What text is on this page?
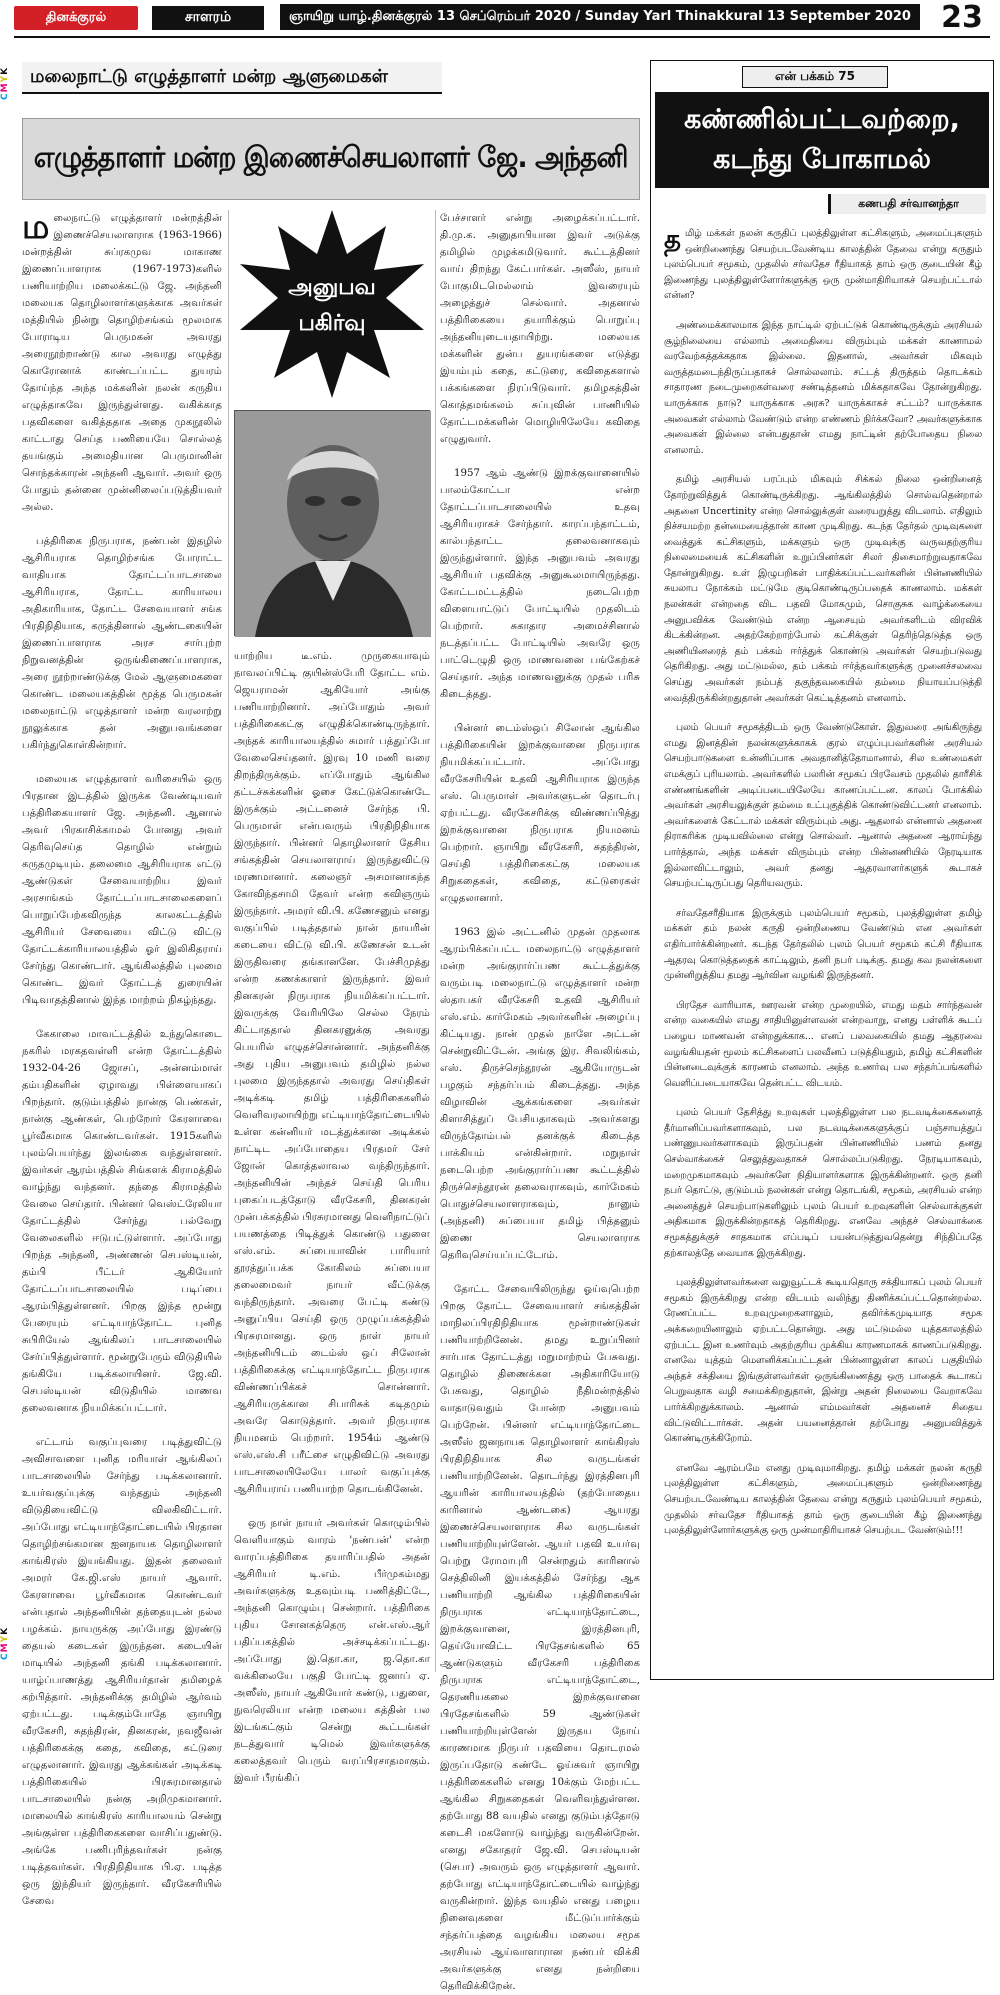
CMYK
CMYK
தினக்குரல்	சாளரம்	ஞாயிறு யாழ்.தினக்குரல் 13 செப்ரெம்பர் 2020 / Sunday Yarl Thinakkural 13 September 2020	23
மலைநாட்டு எழுத்தாளர் மன்ற ஆளுமைகள்
எழுத்தாளர் மன்ற இணைச்செயலாளர் ஜே. அந்தனி

மலைநாட்டு எழுத்தாளர் மன்றத்தின் இணைச்செயலாளராக (1963-1966) மன்றத்தின் சுப்ரகமுவ மாகாண இணைப்பாளராக (1967-1973)களில் பணியாற்றிய மலைக்கட்டு ஜே. அந்தனி மலையக தொழிலாளர்களுக்காக அவர்கள் மத்தியில் நின்று தொழிற்சங்கம் மூலமாக போராடிய பெருமகன் அவரது அரைநூற்றாண்டு கால அவரது எழுத்து கொரோனாக் காண்டப்பட்ட துயரம் தோய்ந்த அந்த மக்களின் நலன் கருதிய எழுத்தாகவே இருந்துள்ளது. வகிக்காத பதவிகளை வகித்ததாக அதை முகநூலில் காட்டாது செய்த பணியையே சொல்லத் தயங்கும் அமைதியான பெருமானின் சொந்தக்காரன் அந்தனி ஆவார். அவர் ஒரு போதும் தன்னை முன்னிலைப்படுத்தியவர் அல்ல.

பத்திரிகை நிருபராக, நண்பன் இதழில் ஆசிரியராக தொழிற்சங்க போராட்ட வாதியாக தோட்டப்பாடசாலை ஆசிரியராக, தோட்ட காரியாலய அதிகாரியாக, தோட்ட சேவையாளர் சங்க பிரதிநிதியாக, கருத்தினால் ஆண்டகையின் இணைப்பாளராக அரச சார்புற்ற நிறுவனத்தின் ஒருங்கிணைப்பாளராக, அரை நூற்றாண்டுக்கு மேல் ஆளுமைகளை கொண்ட மலையகத்தின் மூத்த பெருமகன் மலைநாட்டு எழுத்தாளர் மன்ற வரலாற்று நூலுக்காக தன் அனுபவங்களை பகிர்ந்துகொள்கின்றார்.

மலையக எழுத்தாளர் வரிசையில் ஒரு பிரதான இடத்தில் இருக்க வேண்டியவர் பத்திரிகையாளர் ஜே. அந்தனி. ஆனால் அவர் பிரகாசிக்காமல் போனது அவர் தெரிவுசெய்த தொழில் என்றும் கருதமுடியும். தலைமை ஆசிரியராக எட்டு ஆண்டுகள் சேவையாற்றிய இவர் அரசாங்கம் தோட்டப்பாடசாலைகளைப் பொறுப்பேற்கவிருந்த காலகட்டத்தில் ஆசிரியர் சேவையை விட்டு விட்டு தோட்டக்காரியாலயத்தில் ஓர் இலிகிதராய் சேர்ந்து கொண்டார். ஆங்கிலத்தில் புலமை கொண்ட இவர் தோட்டத் துரையின் பிடிவாதத்தினால் இந்த மாற்றம் நிகழ்ந்தது.

கேகாலை மாவட்டத்தில் உந்துகொடை நகரில் மரகதவள்ளி என்ற தோட்டத்தில் 1932-04-26 ஜோசப், அன்னம்மாள் தம்பதிகளின் ஏழாவது பிள்ளையாகப் பிறந்தார். குடும்பத்தில் நான்கு பெண்கள், நான்கு ஆண்கள், பெற்றோர் கேரளாவை பூர்வீகமாக கொண்டவர்கள். 1915களில் புலம்பெயர்ந்து இலங்கை வந்துள்ளனர். இவர்கள் ஆரம்பத்தில் சிங்களக் கிராமத்தில் வாழ்ந்து வந்தனர். தந்தை கிராமத்தில் வேலை செய்தார். பின்னர் வெஸ்ட்ரேலியா தோட்டத்தில் சேர்ந்து பல்வேறு வேலைகளில் ஈடுபட்டுள்ளார். அப்போது பிறந்த அந்தனி, அண்ணன் செபஸ்டியன், தம்பி பீட்டர் ஆகியோர் தோட்டப்பாடசாலையில் படிப்பை ஆரம்பித்துள்ளனர். பிறகு இந்த மூன்று பேரையும் எட்டியாந்தோட்ட புனித சுபிரியேல் ஆங்கிலப் பாடசாலையில் சேர்ப்பித்துள்ளார். மூன்றுபேரும் விடுதியில் தங்கியே படிக்கலாயினர். ஜே.வி. செபஸ்டியன் விடுதியில் மாணவ தலைவனாக நியமிக்கப்பட்டார்.

எட்டாம் வகுப்புவரை படித்துவிட்டு அவிசாவளை புனித மரியாள் ஆங்கிலப் பாடசாலையில் சேர்ந்து படிக்கலானார். உயர்வகுப்புக்கு வந்ததும் அந்தனி விடுதியைவிட்டு விலகிவிட்டார். அப்போது எட்டியாந்தோட்டையில் பிரதான தொழிற்சங்கமான ஐனநாயக தொழிலாளர் காங்கிரஸ் இயங்கியது. இதன் தலைவர் அமரர் கே.ஜி.எஸ் நாயர் ஆவார். கேரளாவை பூர்வீகமாக கொண்டவர் என்பதால் அந்தனியின் தந்தையுடன் நல்ல பழக்கம். நாயருக்கு அப்போது இரண்டு தையல் கடைகள் இருந்தன. கடையின் மாடியில் அந்தனி தங்கி படிக்கலானார். யாழ்ப்பாணத்து ஆசிரியர்தான் தமிழைக் கற்பித்தார். அந்தனிக்கு தமிழில் ஆர்வம் ஏற்பட்டது. படிக்கும்போதே ஞாயிறு வீரகேசரி, சுதந்திரன், தினகரன், நவஜீவன் பத்திரிகைக்கு கதை, கவிதை, கட்டுரை எழுதலானார். இவரது ஆக்கங்கள் அடிக்கடி பத்திரிகையில் பிரசுரமானதால் பாடசாலையில் நன்கு அறிமுகமானார். மாலையில் காங்கிரஸ் காரியாலயம் சென்று அங்குள்ள பத்திரிகைகளை வாசிப்பதுண்டு. அங்கே பணிபுரிந்தவர்கள் நன்கு படித்தவர்கள். பிரதிநிதியாக பி.ஏ. படித்த ஒரு இந்தியர் இருந்தார். வீரகேசரியில் சேவை

அனுபவ
பகிர்வு

யாற்றிய டீ.எம். முருகையாவும் நாவலப்பிட்டி குயின்ஸ்பேரி தோட்ட எம். ஜெயராமன் ஆகியோர் அங்கு பணியாற்றினார். அப்போதும் அவர் பத்திரிகைகட்கு எழுதிக்கொண்டிருந்தார். அந்தக் காரியாலயத்தில் சுமார் பத்துப்போ வேலைசெய்தனர். இரவு 10 மணி வரை திறந்திருக்கும். எப்போதும் ஆங்கில தட்டச்சுக்களின் ஓசை கேட்டுக்கொண்டே இருக்கும் அட்டனைச் சேர்ந்த பி. பெருமாள் என்பவரும் பிரதிநிதியாக இருந்தார். பின்னர் தொழிலாளர் தேசிய சங்கத்தின் செயலாளராய் இருந்துவிட்டு மரணமானார். கலைஞர் அசமானாகந்த கோவிந்தசாமி தேவர் என்ற கவிஞரும் இருந்தார். அமரர் வி.பி. கணேசனும் எனது வகுப்பில் படித்ததால் நான் நாயரின் கடையை விட்டு வி.பி. கணேசன் உடன் இருதிவரை தங்கானனே. பேச்சிமுத்து என்ற கணக்காளர் இருந்தார். இவர் தினகரன் நிருபராக நியமிக்கப்பட்டார். இவருக்கு வேரியிலே செல்ல நேரம் கிட்டாததால் தினகரனுக்கு அவரது பெயரில் எழுதச்சொன்னார். அந்தனிக்கு அது புதிய அனுபவம் தமிழில் நல்ல புலமை இருந்ததால் அவரது செய்திகள் அடிக்கடி தமிழ் பத்திரிகைகளில் வெளிவரலாயிற்று எட்டியாந்தோட்டையில் உள்ள கன்னியர் மடத்துக்கான அடிக்கல் நாட்டிட அப்போதைய பிரதமர் சேர் ஜோன் கொத்தலாவல வந்திருந்தார். அந்தனியின் அந்தச் செய்தி பெரிய புகைப்படத்தோடு வீரகேசரி, தினகரன் முன்பக்கத்தில் பிரசுரமானது வெளிநாட்டுப் பயணத்தை பிடித்துக் கொண்டு பதுளை எஸ்.எம். சுப்பையாவின் பாரியார் தூரத்துப்பக்க கோகிலம் சுப்பையா தலைமைவர் நாயர் வீட்டுக்கு வந்திருந்தார். அவரை பேட்டி கண்டு அனுப்பிய செய்தி ஒரு முழுப்பக்கத்தில் பிரசுரமானது. ஒரு நாள் நாயர் அந்தனியிடம் டைம்ஸ் ஒப் சிலோன் பத்திரிகைக்கு எட்டியாந்தோட்ட நிருபராக விண்ணப்பிக்கச் சொன்னார். ஆசிரியருக்கான சிபாரிசுக் கடிதமும் அவரே கொடுத்தார். அவர் நிருபராக நியமனம் பெற்றார். 1954ம் ஆண்டு எஸ்.எஸ்.சி பரீட்சை எழுதிவிட்டு அவரது பாடசாலையிலேயே பாலர் வகுப்புக்கு ஆசிரியராய் பணியாற்ற தொடங்கினேன்.

ஒரு நாள் நாயர் அவர்கள் கொழும்பில் வெளியாகும் வாரம் 'நண்பன்' என்ற வாரப்பத்திரிகை தயாரிப்பதில் அதன் ஆசிரியர் டி.எம். பீர்முகம்மது அவர்களுக்கு உதவும்படி பணித்திட்டே, அந்தனி கொழும்பு சென்றார். பத்திரிகை புதிய சோனகத்தெரு என்.எஸ்.ஆர் பதிப்பகத்தில் அச்சடிக்கப்பட்டது. அப்போது இ.தொ.கா, ஜ.தொ.கா வக்கிலையே பகுதி போட்டி ஜனாப் ஏ. அஸீஸ், நாயர் ஆகியோர் கண்டு, பதுளை, நுவரெலியா என்ற மலைய கத்தின் பல இடங்கட்கும் சென்று கூட்டங்கள் நடத்துவார் டிமெல் இவர்களுக்கு கலைத்தவர் பெரும் வரப்பிரசாதமாகும். இவர் பீரங்கிப்

பேச்சாளர் என்று அழைக்கப்பட்டார். தி.மு.க. அனுதாபியான இவர் அடுக்கு தமிழில் முழக்கமிடுவார். கூட்டத்தினர் வாய் திறந்து கேட்பார்கள். அஸீஸ், நாயர் போகுமிடமெல்லாம் இவரையும் அழைத்துச் செல்வார். அதனால் பத்திரிகையை தயாரிக்கும் பொறுப்பு அந்தனியுடையதாயிற்று. மலையக மக்களின் துன்ப துயரங்களை எடுத்து இயம்பும் கதை, கட்டுரை, கவிதைகளால் பக்கங்களை நிரப்பிடுவார். தமிழகத்தின் கொத்தமங்கலம் சுப்புவின் பாணியில் தோட்டமக்களின் மொழியிலேயே கவிதை எழுதுவார்.

1957 ஆம் ஆண்டு இறக்குவானையில் பாலம்கோட்டா என்ற தோட்டப்பாடசாலையில் உதவு ஆசிரியராகச் சேர்ந்தார். காரப்பந்தாட்டம், கால்பந்தாட்ட தலைவனாகவும் இருந்துள்ளார். இந்த அனுபவம் அவரது ஆசிரியர் பதவிக்கு அனுகூலமாயிருந்தது. கோட்டமட்டத்தில் நடைபெற்ற விளையாட்டுப் போட்டியில் முதலிடம் பெற்றார். சுகாதார அமைச்சினால் நடத்தப்பட்ட போட்டியில் அவரே ஒரு பாட்டெழுதி ஒரு மாணவனை பங்கேற்கச் செய்தார். அந்த மாணவனுக்கு முதல் பரிசு கிடைத்தது.

பின்னர் டைம்ஸ்ஒப் சிலோன் ஆங்கில பத்திரிகையின் இறக்குவானை நிருபராக நியமிக்கப்பட்டார். அப்போது வீரகேசரியின் உதவி ஆசிரியராக இருந்த எஸ். பெருமாள் அவர்களுடன் தொடர்பு ஏற்பட்டது. வீரகேசரிக்கு விண்ணப்பித்து இறக்குவானை நிருபராக நியமனம் பெற்றார். ஞாயிறு வீரகேசரி, சுதந்திரன், செய்தி பத்திரிகைகட்கு மலையக சிறுகதைகள், கவிதை, கட்டுரைகள் எழுதலானார்.

1963 இல் அட்டனில் முதன் முதலாக ஆரம்பிக்கப்பட்ட மலைநாட்டு எழுத்தாளர் மன்ற அங்குரார்ப்பண கூட்டத்துக்கு வரும்படி மலைநாட்டு எழுத்தாளர் மன்ற ஸ்தாபகர் வீரகேசரி உதவி ஆசிரியர் எஸ்.எம். கார்மேகம் அவர்களின் அழைப்பு கிட்டியது. நான் முதல் நாளே அட்டன் சென்றுவிட்டேன். அங்கு இர. சிவலிங்கம், எஸ். திருச்செந்தூரன் ஆகியோருடன் பழகும் சந்தர்ப்பம் கிடைத்தது. அந்த விழாவின் ஆக்கங்களை அவர்கள் கிளாசித்துப் பேசியதாகவும் அவர்களது விருந்தோம்பல் தனக்குக் கிடைத்த பாக்கியம் என்கின்றார். மறுநாள் நடைபெற்ற அங்குரார்ப்பண கூட்டத்தில் திருச்செந்தூரன் தலைவராகவும், கார்மேகம் பொதுச்செயலாளராகவும், நானும் (அந்தனி) சுப்பையா தமிழ் பித்தனும் இணை செயலாளராக தெரிவுசெய்யப்பட்டோம்.

தோட்ட சேவையிலிருந்து ஓய்வுபெற்ற பிறகு தோட்ட சேவையாளர் சங்கத்தின் மாநிலப்பிரதிநிதியாக மூன்றாண்டுகள் பணியாற்றினேன். தமது உறுப்பினர் சார்பாக தோட்டத்து மறுமாற்றம் பேசுவது. தொழில் திணைக்கள அதிகாரியோடு பேசுவது, தொழில் நீதிமன்றத்தில் வாதாடுவதும் போன்ற அனுபவம் பெற்றேன். பின்னர் எட்டியாந்தோட்டை அஸீஸ் ஜனநாயக தொழிலாளர் காங்கிரஸ் பிரதிநிதியாக சில வருடங்கள் பணியாற்றினேன். தொடர்ந்து இரத்தினபுரி ஆயரின் காரியாலயத்தில் (தற்போதைய காரினால் ஆண்டகை) ஆயரது இணைச்செயலாளராக சில வருடங்கள் பணியாற்றியுள்ளேன். ஆயர் பதவி உயர்வு பெற்று ரோமாபுரி சென்றதும் காரினால் செத்திலினி இயக்கத்தில் சேர்ந்து ஆக பணியாற்றி ஆங்கில பத்திரிகையின் நிருபராக எட்டியாந்தோட்டை, இறக்குவானை, இரத்தினபுரி, தெய்யோவிட்ட பிரதேசங்களில் 65 ஆண்டுகளும் வீரகேசரி பத்திரிகை நிருபராக எட்டியாந்தோட்டை, தெரணியகலை இறக்குவானை பிரதேசங்களில் 59 ஆண்டுகள் பணியாற்றியுள்ளேன் இருதய நோய் காரணமாக நிருபர் பதவியை தொடரமல் இருப்பதோடு கண்டே ஓய்சுவர் ஞாயிறு பத்திரிகைகளில் எனது 10க்கும் மேற்பட்ட ஆங்கில சிறுகதைகள் வெளிவந்துள்ளன. தற்போது 88 வயதில் எனது குடும்பத்தோடு கடைசி மகளோடு வாழ்ந்து வருகின்றேன். எனது சகோதரர் ஜே.வி. செபஸ்டியன் (செபா) அவரும் ஒரு எழுத்தாளர் ஆவார். தற்போது எட்டியாந்தோட்டையில் வாழ்ந்து வருகின்றார். இந்த வயதில் எனது பழைய நினைவுகளை மீட்டுப்பார்க்கும் சந்தர்ப்பத்தை வழங்கிய மலைய சமூக அரசியல் ஆய்வாளாரான நண்பர் விக்கி அவர்களுக்கு எனது நன்றியை தெரிவிக்கிறேன்.

என் பக்கம் 75
கண்ணில்பட்டவற்றை,
கடந்து போகாமல்
கணபதி சர்வானந்தா

தமிழ் மக்கள் நலன் கருதிப் புலத்திலுள்ள கட்சிகளும், அமைப்புகளும் ஒன்றிணைந்து செயற்படவேண்டிய காலத்தின் தேவை என்று கருதும் புலம்பெயர் சமூகம், முதலில் சர்வதேச ரீதியாகத் தாம் ஒரு குடையின் கீழ் இணைந்து புலத்திலுள்ளோர்களுக்கு ஒரு முன்மாதிரியாகச் செயற்பட்டால் என்ன?

அண்மைக்காலமாக இந்த நாட்டில் ஏற்பட்டுக் கொண்டிருக்கும் அரசியல் சூழ்நிலையை எல்லாம் அமைதியை விரும்பும் மக்கள் காணாமல் வரவேற்கத்தக்கதாக இல்லை. இதனால், அவர்கள் மிகவும் வருத்தமடைந்திருப்பதாகச் சொல்லலாம். சட்டத் திருத்தம் தொடக்கம் சாதாரண நடைமுறைகள்வரை சண்டித்தனம் மிக்கதாகவே தோன்றுகிறது. யாருக்காக நாடு? யாருக்காக அரசு? யாருக்காகச் சட்டம்? யாருக்காக அவைகள் எல்லாம் வேண்டும் என்ற எண்ணம் நிர்க்கவோ? அவர்களுக்காக அவைகள் இல்லை என்பதுதான் எமது நாட்டின் தற்போதைய நிலை எனலாம்.

தமிழ் அரசியல் பரப்பும் மிகவும் சிக்கல் நிலை ஒன்றினைத் தோற்றுவித்துக் கொண்டிருக்கிறது. ஆங்கிலத்தில் சொல்வதென்றால் அதனை Uncertinity என்ற சொல்லுக்குள் வரையறுத்து விடலாம். எதிலும் நிச்சயமற்ற தன்மையைத்தான் காண முடிகிறது. கடந்த தேர்தல் முடிவுகளை வைத்துக் கட்சிகளும், மக்களும் ஒரு முடிவுக்கு வருவதற்குரிய நிலைமையைக் கட்சிகளின் உறுப்பினர்கள் சிலர் திசைமாற்றுவதாகவே தோன்றுகிறது. உள் இழுபறிகள் பாதிக்கப்பட்டவர்களின் பின்னணியில் சுயலாப நோக்கம் மட்டுமே குடிகொண்டிருப்பதைக் காணலாம். மக்கள் நலன்கள் என்றதை விட பதவி மோகமும், சொகுசுக வாழ்க்கையை அனுபவிக்க வேண்டும் என்ற ஆசையும் அவர்களிடம் விரவிக் கிடக்கின்றன. அதற்கேற்றாற்போல் கட்சிக்குள் தெரிந்தெடுத்த ஒரு அணியினரைத் தம் பக்கம் ஈர்த்துக் கொண்டு அவர்கள் செயற்படுவது தெரிகிறது. அது மட்டுமல்ல, தம் பக்கம் ஈர்த்தவர்களுக்கு முனைச்சலவை செய்து அவர்கள் நம்பத் தகுந்தவகையில் தம்மை நியாயப்படுத்தி வைத்திருக்கின்றதுதான் அவர்கள் கெட்டித்தனம் எனலாம்.

புலம் பெயர் சமூகத்திடம் ஒரு வேண்டுகோள். இதுவரை அங்கிருந்து எமது இனத்தின் நலன்களுக்காகக் குரல் எழுப்புபவர்களின் அரசியல் செயற்பாடுகளை உன்னிப்பாக அவதானித்தோமானால், சில உண்மைகள் எமக்குப் புரியலாம். அவர்களில் பலரின் சமூகப் பிரவேசம் முதலில் தாரீசிக் எண்ணங்களின் அடிப்படையிலேயே காணப்பட்டன. காலப் போக்கில் அவர்கள் அரசியலுக்குள் தம்மை உட்புகுத்திக் கொண்டுவிட்டனர் எனலாம். அவர்களைக் கேட்டால் மக்கள் விரும்பும் அது. ஆதலால் என்னால் அதனை நிராகரிக்க முடியவில்லை என்று சொல்வர். ஆனால் அதனை ஆராய்ந்து பார்த்தால், அந்த மக்கள் விரும்பும் என்ற பின்னணியில் நேரடியாக இல்லாவிட்டாலும், அவர் தனது ஆதரவாளர்களுக் கூடாகச் செயற்பட்டிருப்பது தெரியவரும்.

சர்வதேசரீதியாக இருக்கும் புலம்பெயர் சமூகம், புலத்திலுள்ள தமிழ் மக்கள் தம் நலன் கருதி ஒன்றிணைய வேண்டும் என அவர்கள் எதிர்பார்க்கின்றனர். கடந்த தேர்தலில் புலம் பெயர் சமூகம் கட்சி ரீதியாக ஆதரவு கொடுத்ததைக் காட்டிலும், தனி நபர் படிக்கு. தமது கவ நலன்களை முன்னிறுத்திய தமது ஆர்வின வழங்கி இருந்தனர்.

பிரதேச வாரியாக, ஊரவன் என்ற முறையில், எமது மதம் சார்ந்தவன் என்ற வகையில் எமது சாதியினுள்ளவன் என்றவாறு, எனது பள்ளிக் கூடப் பழைய மாணவன் என்றதுக்காக... எனப் பலவகையில் தமது ஆதரவை வழங்கியதன் மூலம் கட்சிகளைப் பலவீனப் படுத்தியதும், தமிழ் கட்சிகளின் பின்னடைவுக்குக் காரணம் எனலாம். அந்த உணர்வு பல சந்தர்ப்பங்களில் வெளிப்படையாகவே தென்பட்ட விடயம்.

புலம் பெயர் தேசித்து உறவுகள் புலத்திலுள்ள பல நடவடிக்கைகளைத் தீர்மானிப்பவர்களாகவும், பல நடவடிக்கைகளுக்குப் பஞ்சாயத்துப் பண்ணுபவர்களாகவும் இருப்பதன் பின்னணியில் பணம் தனது செல்வாக்கைச் செலுத்துவதாகச் சொல்லப்படுகிறது. நேரடியாகவும், மறைமுகமாகவும் அவர்களே நிதியாளர்களாக இருக்கின்றனர். ஒரு தனி நபர் தொட்டு, குடும்பம் நலன்கள் என்று தொடங்கி, சமூகம், அரசியல் என்ற அனைத்துச் செயற்பாடுகளிலும் புலம் பெயர் உறவுகளின் செல்வாக்குகள் அதிகமாக இருக்கின்றதாகத் தெரிகிறது. எனவே அந்தச் செல்வாக்கை சமூகத்துக்குச் சாதகமாக எப்படிப் பயன்படுத்துவதென்று சிந்திப்பதே தற்காலத்தே வையாக இருக்கிறது.

புலத்திலுள்ளவர்களை வலுவூட்டக் கூடியதொரு சக்தியாகப் புலம் பெயர் சமூகம் இருக்கிறது என்ற விடயம் வலிந்து திணிக்கப்பட்டதொன்றல்ல. ரேணப்பட்ட உறவுமுறைகளாலும், தவிர்க்கமுடியாத சமூக அக்கறையினாலும் ஏற்பட்டதொன்று. அது மட்டுமல்ல யுத்தகாலத்தில் ஏற்பட்ட இன உணர்வும் அதற்குரிய முக்கிய காரணமாகக் காணப்படுகிறது. எனவே யுத்தம் மௌனிக்கப்பட்டதன் பின்னாலுள்ள காலப் பகுதியில் அந்தச் சக்தியை இங்குள்ளவர்கள் ஒருங்கிணைத்து ஒரு பாதைக் கூடாகப் பெறுவதாக வழி சமைக்கிறதுதான், இன்று அதன் நிலையை வேறாகவே பார்க்கிறதுக்காலம். ஆனால் எம்மவர்கள் அதனைச் சிதைய விட்டுவிட்டார்கள். அதன் பயனைத்தான் தற்போது அனுபவித்துக் கொண்டிருக்கிறோம்.

எனவே ஆரம்பமே எனது முடிவுமாகிறது. தமிழ் மக்கள் நலன் கருதி புலத்திலுள்ள கட்சிகளும், அமைப்புகளும் ஒன்றிணைந்து செயற்படவேண்டிய காலத்தின் தேவை என்று கருதும் புலம்பெயர் சமூகம், முதலில் சர்வதேச ரீதியாகத் தாம் ஒரு குடையின் கீழ் இணைந்து புலத்திலுள்ளோர்களுக்கு ஒரு முன்மாதிரியாகச் செயற்பட வேண்டும்!!!
